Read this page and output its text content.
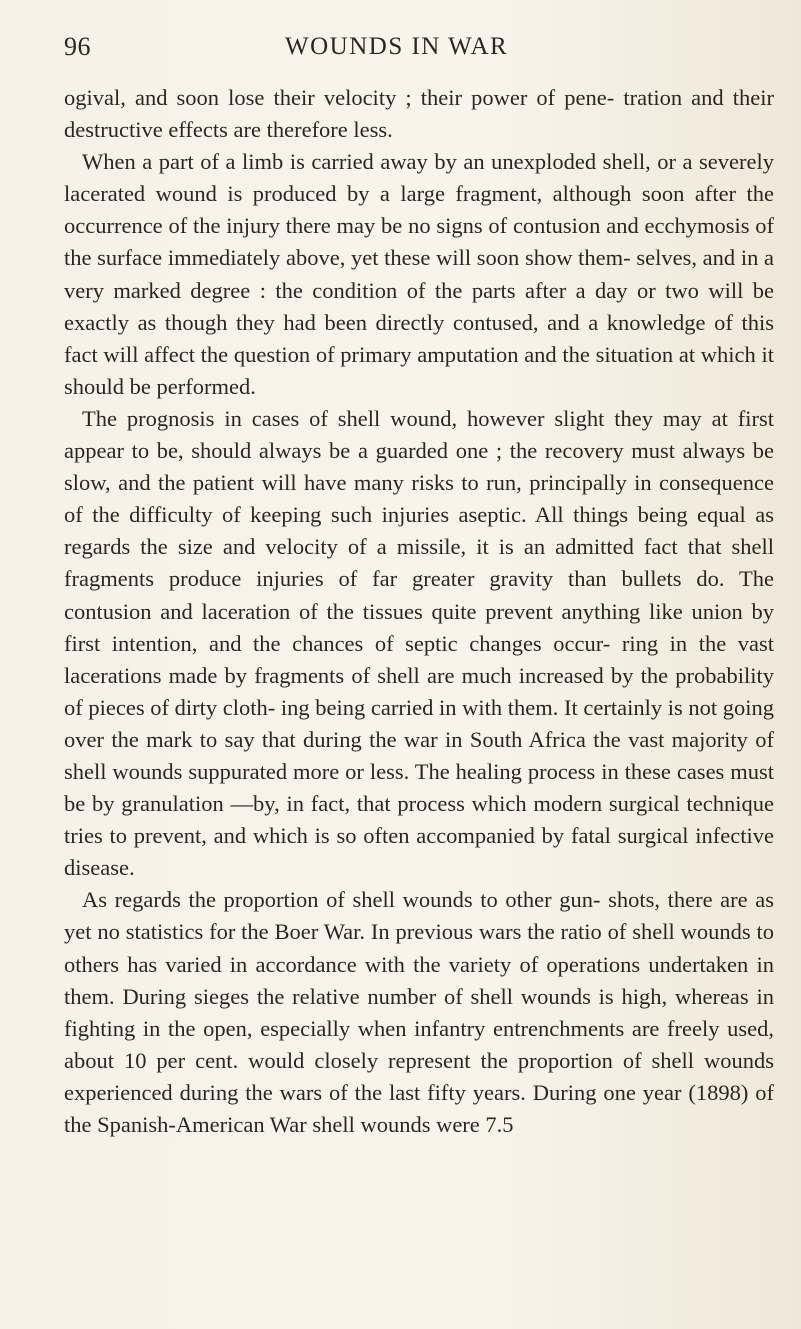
96	WOUNDS IN WAR

ogival, and soon lose their velocity ; their power of pene- tration and their destructive effects are therefore less.

When a part of a limb is carried away by an unexploded shell, or a severely lacerated wound is produced by a large fragment, although soon after the occurrence of the injury there may be no signs of contusion and ecchymosis of the surface immediately above, yet these will soon show them- selves, and in a very marked degree : the condition of the parts after a day or two will be exactly as though they had been directly contused, and a knowledge of this fact will affect the question of primary amputation and the situation at which it should be performed.

The prognosis in cases of shell wound, however slight they may at first appear to be, should always be a guarded one ; the recovery must always be slow, and the patient will have many risks to run, principally in consequence of the difficulty of keeping such injuries aseptic. All things being equal as regards the size and velocity of a missile, it is an admitted fact that shell fragments produce injuries of far greater gravity than bullets do. The contusion and laceration of the tissues quite prevent anything like union by first intention, and the chances of septic changes occur- ring in the vast lacerations made by fragments of shell are much increased by the probability of pieces of dirty cloth- ing being carried in with them. It certainly is not going over the mark to say that during the war in South Africa the vast majority of shell wounds suppurated more or less. The healing process in these cases must be by granulation —by, in fact, that process which modern surgical technique tries to prevent, and which is so often accompanied by fatal surgical infective disease.

As regards the proportion of shell wounds to other gun- shots, there are as yet no statistics for the Boer War. In previous wars the ratio of shell wounds to others has varied in accordance with the variety of operations undertaken in them. During sieges the relative number of shell wounds is high, whereas in fighting in the open, especially when infantry entrenchments are freely used, about 10 per cent. would closely represent the proportion of shell wounds experienced during the wars of the last fifty years. During one year (1898) of the Spanish-American War shell wounds were 7.5
